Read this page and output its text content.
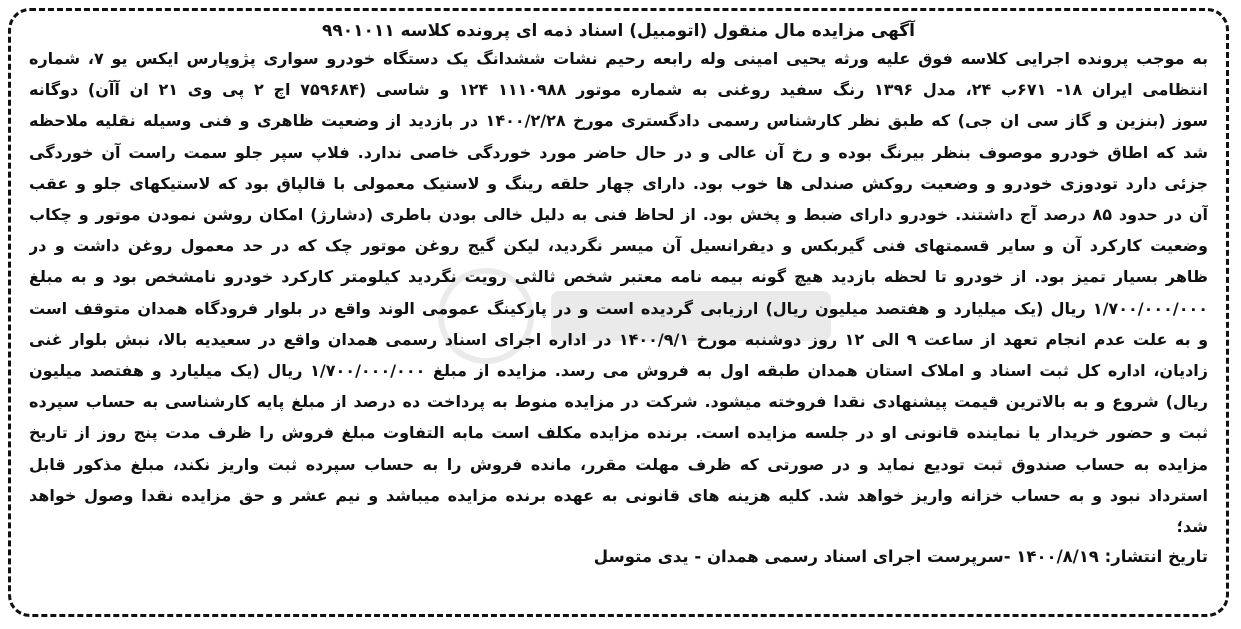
آگهی مزایده مال منقول (اتومبیل) اسناد ذمه ای پرونده کلاسه ۹۹۰۱۰۱۱
به موجب پرونده اجرایی کلاسه فوق علیه ورثه یحیی امینی وله رابعه رحیم نشات ششدانگ یک دستگاه خودرو سواری پژوپارس ایکس یو ۷، شماره
انتظامی ایران ۱۸- ۶۷۱ب ۲۴، مدل ۱۳۹۶ رنگ سفید روغنی به شماره موتور ۱۱۱۰۹۸۸ ۱۲۴ و شاسی (۷۵۹۶۸۴ اچ ۲ پی وی ۲۱ ان آآن) دوگانه
سوز (بنزین و گاز سی ان جی) که طبق نظر کارشناس رسمی دادگستری مورخ ۱۴۰۰/۲/۲۸ در بازدید از وضعیت ظاهری و فنی وسیله نقلیه ملاحظه
شد که اطاق خودرو موصوف بنظر بیرنگ بوده و رخ آن عالی و در حال حاضر مورد خوردگی خاصی ندارد. فلاپ سپر جلو سمت راست آن خوردگی
جزئی دارد تودوزی خودرو و وضعیت روکش صندلی ها خوب بود. دارای چهار حلقه رینگ و لاستیک معمولی با قالپاق بود که لاستیکهای جلو و عقب
آن در حدود ۸۵ درصد آج داشتند. خودرو دارای ضبط و پخش بود. از لحاظ فنی به دلیل خالی بودن باطری (دشارژ) امکان روشن نمودن موتور و چکاب
وضعیت کارکرد آن و سایر قسمتهای فنی گیربکس و دیفرانسیل آن میسر نگردید، لیکن گیج روغن موتور چک که در حد معمول روغن داشت و در
ظاهر بسیار تمیز بود. از خودرو تا لحظه بازدید هیچ گونه بیمه نامه معتبر شخص ثالثی رویت نگردید کیلومتر کارکرد خودرو نامشخص بود و به مبلغ
۱/۷۰۰/۰۰۰/۰۰۰ ریال (یک میلیارد و هفتصد میلیون ریال) ارزیابی گردیده است و در پارکینگ عمومی الوند واقع در بلوار فرودگاه همدان متوقف است
و به علت عدم انجام تعهد از ساعت ۹ الی ۱۲ روز دوشنبه مورخ ۱۴۰۰/۹/۱ در اداره اجرای اسناد رسمی همدان واقع در سعیدیه بالا، نبش بلوار غنی
زادیان، اداره کل ثبت اسناد و املاک استان همدان طبقه اول به فروش می رسد. مزایده از مبلغ ۱/۷۰۰/۰۰۰/۰۰۰ ریال (یک میلیارد و هفتصد میلیون
ریال) شروع و به بالاترین قیمت پیشنهادی نقدا فروخته میشود. شرکت در مزایده منوط به پرداخت ده درصد از مبلغ پایه کارشناسی به حساب سپرده
ثبت و حضور خریدار یا نماینده قانونی او در جلسه مزایده است. برنده مزایده مکلف است مابه التفاوت مبلغ فروش را ظرف مدت پنج روز از تاریخ
مزایده به حساب صندوق ثبت تودیع نماید و در صورتی که ظرف مهلت مقرر، مانده فروش را به حساب سپرده ثبت واریز نکند، مبلغ مذکور قابل
استرداد نبود و به حساب خزانه واریز خواهد شد. کلیه هزینه های قانونی به عهده برنده مزایده میباشد و نیم عشر و حق مزایده نقدا وصول خواهد
شد؛
تاریخ انتشار: ۱۴۰۰/۸/۱۹ -سرپرست اجرای اسناد رسمی همدان - یدی متوسل
